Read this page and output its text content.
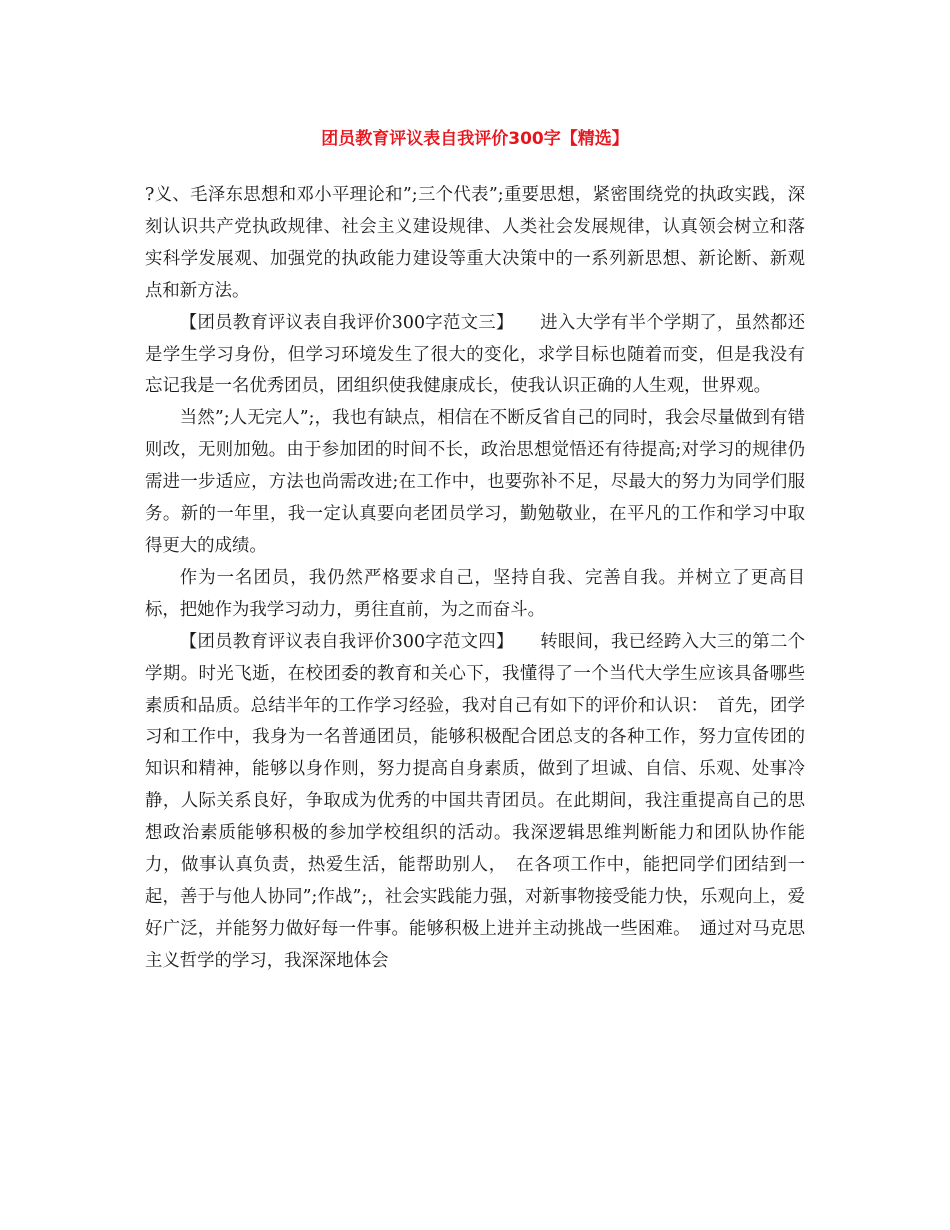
团员教育评议表自我评价300字【精选】

?义、毛泽东思想和邓小平理论和”;三个代表”;重要思想，紧密围绕党的执政实践，深刻认识共产党执政规律、社会主义建设规律、人类社会发展规律，认真领会树立和落实科学发展观、加强党的执政能力建设等重大决策中的一系列新思想、新论断、新观点和新方法。

【团员教育评议表自我评价300字范文三】　　进入大学有半个学期了，虽然都还是学生学习身份，但学习环境发生了很大的变化，求学目标也随着而变，但是我没有忘记我是一名优秀团员，团组织使我健康成长，使我认识正确的人生观，世界观。

当然”;人无完人”;，我也有缺点，相信在不断反省自己的同时，我会尽量做到有错则改，无则加勉。由于参加团的时间不长，政治思想觉悟还有待提高;对学习的规律仍需进一步适应，方法也尚需改进;在工作中，也要弥补不足，尽最大的努力为同学们服务。新的一年里，我一定认真要向老团员学习，勤勉敬业，在平凡的工作和学习中取得更大的成绩。

作为一名团员，我仍然严格要求自己，坚持自我、完善自我。并树立了更高目标，把她作为我学习动力，勇往直前，为之而奋斗。

【团员教育评议表自我评价300字范文四】　　转眼间，我已经跨入大三的第二个学期。时光飞逝，在校团委的教育和关心下，我懂得了一个当代大学生应该具备哪些素质和品质。总结半年的工作学习经验，我对自己有如下的评价和认识：　首先，团学习和工作中，我身为一名普通团员，能够积极配合团总支的各种工作，努力宣传团的知识和精神，能够以身作则，努力提高自身素质，做到了坦诚、自信、乐观、处事冷静，人际关系良好，争取成为优秀的中国共青团员。在此期间，我注重提高自己的思想政治素质能够积极的参加学校组织的活动。我深逻辑思维判断能力和团队协作能力，做事认真负责，热爱生活，能帮助别人，　在各项工作中，能把同学们团结到一起，善于与他人协同”;作战”;，社会实践能力强，对新事物接受能力快，乐观向上，爱好广泛，并能努力做好每一件事。能够积极上进并主动挑战一些困难。　通过对马克思主义哲学的学习，我深深地体会
